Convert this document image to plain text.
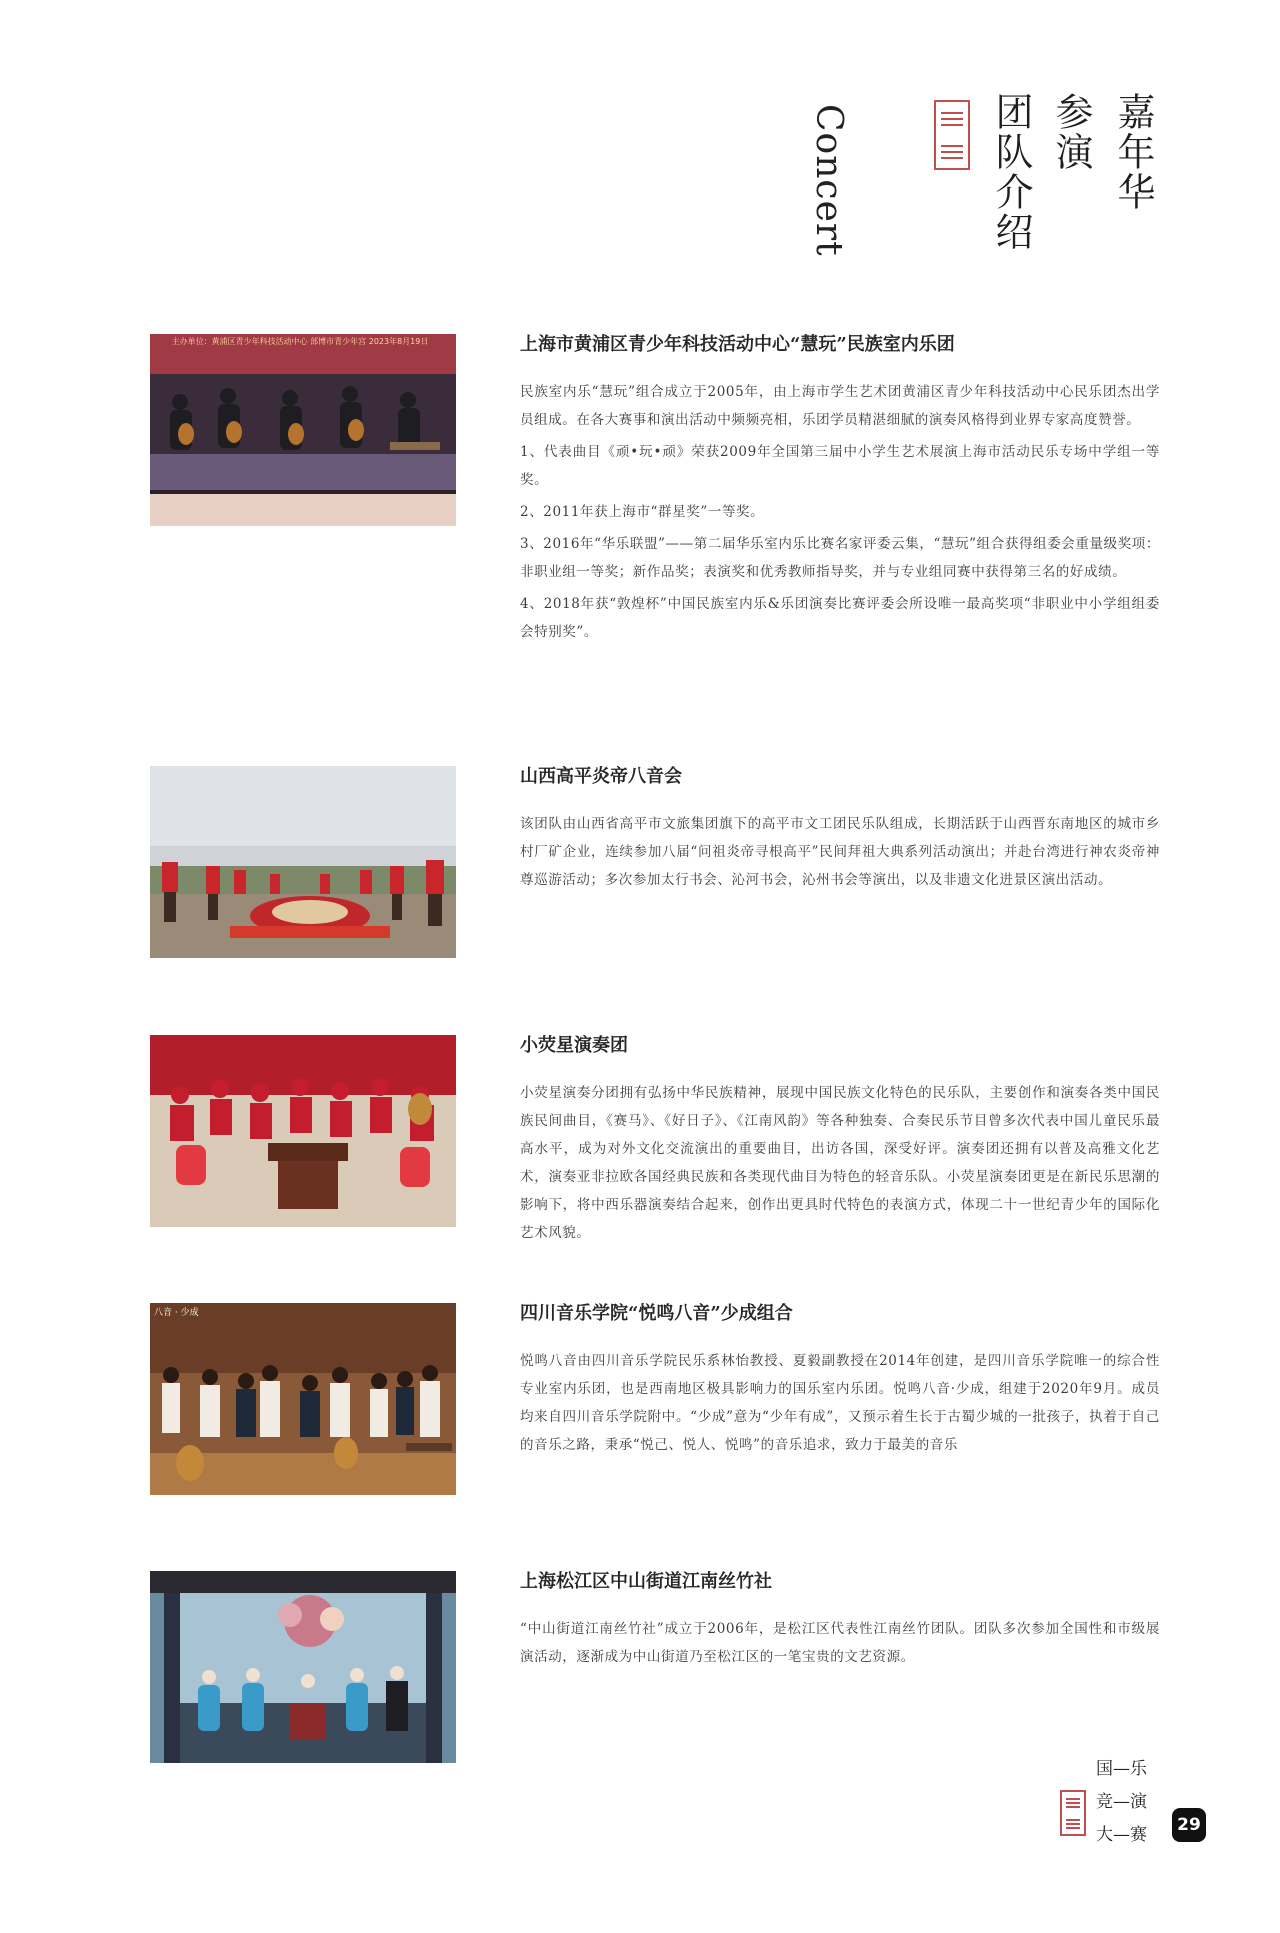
嘉年华
参演
团队介绍
Concert
主办单位：黄浦区青少年科技活动中心 部博市青少年宫 2023年8月19日	上海市黄浦区青少年科技活动中心“慧玩”民族室内乐团

民族室内乐“慧玩”组合成立于2005年，由上海市学生艺术团黄浦区青少年科技活动中心民乐团杰出学员组成。在各大赛事和演出活动中频频亮相，乐团学员精湛细腻的演奏风格得到业界专家高度赞誉。

1、代表曲目《顽•玩•顽》荣获2009年全国第三届中小学生艺术展演上海市活动民乐专场中学组一等奖。

2、2011年获上海市“群星奖”一等奖。

3、2016年“华乐联盟”——第二届华乐室内乐比赛名家评委云集，“慧玩”组合获得组委会重量级奖项：非职业组一等奖；新作品奖；表演奖和优秀教师指导奖，并与专业组同赛中获得第三名的好成绩。

4、2018年获“敦煌杯”中国民族室内乐&乐团演奏比赛评委会所设唯一最高奖项“非职业中小学组组委会特别奖”。

山西高平炎帝八音会

该团队由山西省高平市文旅集团旗下的高平市文工团民乐队组成，长期活跃于山西晋东南地区的城市乡村厂矿企业，连续参加八届“问祖炎帝寻根高平”民间拜祖大典系列活动演出；并赴台湾进行神农炎帝神尊巡游活动；多次参加太行书会、沁河书会，沁州书会等演出，以及非遗文化进景区演出活动。

小荧星演奏团

小荧星演奏分团拥有弘扬中华民族精神，展现中国民族文化特色的民乐队，主要创作和演奏各类中国民族民间曲目，《赛马》、《好日子》、《江南风韵》等各种独奏、合奏民乐节目曾多次代表中国儿童民乐最高水平，成为对外文化交流演出的重要曲目，出访各国，深受好评。演奏团还拥有以普及高雅文化艺术，演奏亚非拉欧各国经典民族和各类现代曲目为特色的轻音乐队。小荧星演奏团更是在新民乐思潮的影响下，将中西乐器演奏结合起来，创作出更具时代特色的表演方式，体现二十一世纪青少年的国际化艺术风貌。

八音 · 少成	四川音乐学院“悦鸣八音”少成组合

悦鸣八音由四川音乐学院民乐系林怡教授、夏毅副教授在2014年创建，是四川音乐学院唯一的综合性专业室内乐团，也是西南地区极具影响力的国乐室内乐团。悦鸣八音·少成，组建于2020年9月。成员均来自四川音乐学院附中。“少成”意为“少年有成”，又预示着生长于古蜀少城的一批孩子，执着于自己的音乐之路，秉承“悦己、悦人、悦鸣”的音乐追求，致力于最美的音乐

上海松江区中山街道江南丝竹社

“中山街道江南丝竹社”成立于2006年，是松江区代表性江南丝竹团队。团队多次参加全国性和市级展演活动，逐渐成为中山街道乃至松江区的一笔宝贵的文艺资源。

国—乐
竞—演
大—赛	29
